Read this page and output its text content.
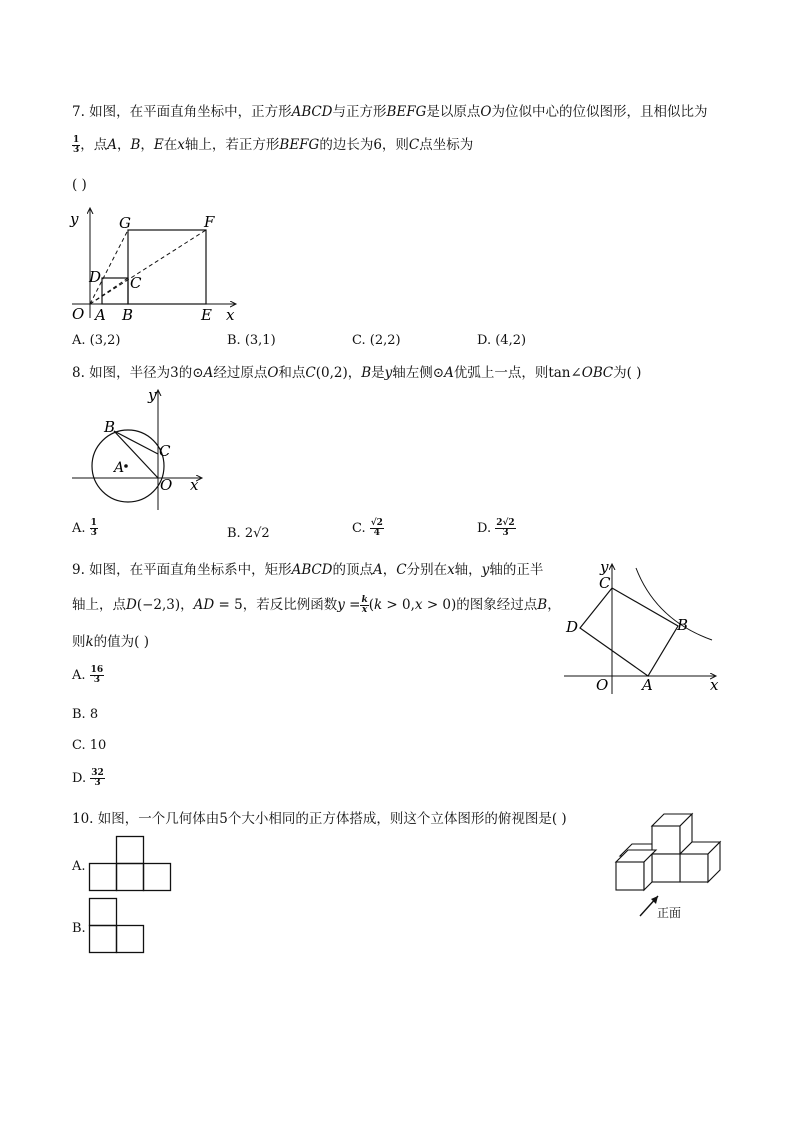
7. 如图，在平面直角坐标中，正方形𝐴𝐵𝐶𝐷与正方形𝐵𝐸𝐹𝐺是以原点𝑂为位似中心的位似图形，且相似比为
$\frac{1}{3}$ ，点𝐴，𝐵，𝐸在𝑥轴上，若正方形𝐵𝐸𝐹𝐺的边长为6，则𝐶点坐标为
( )
y
x
O A B
C
D
E
F
G
A. (3,2)	B. (3,1)	C. (2,2)	D. (4,2)
8. 如图，半径为3的⊙𝐴经过原点𝑂和点𝐶(0,2)，𝐵是𝑦轴左侧⊙𝐴优弧上一点，则tan∠𝑂𝐵𝐶为( )
y
x
O
A
B
C
A. $\frac{1}{3}$	B. 2√2	C. $\frac{√2}{4}$	D. $\frac{2√2}{3}$
9. 如图，在平面直角坐标系中，矩形𝐴𝐵𝐶𝐷的顶点𝐴，𝐶分别在𝑥轴，𝑦轴的正半
轴上，点𝐷(−2,3)，𝐴𝐷 = 5，若反比例函数𝑦 = $\frac{k}{x}$ (𝑘 > 0,𝑥 > 0)的图象经过点𝐵，
则𝑘的值为( )
A. $\frac{16}{3}$
B. 8
C. 10
D. $\frac{32}{3}$
y
x
O A
B
C
D
10. 如图，一个几何体由5个大小相同的正方体搭成，则这个立体图形的俯视图是( )
A.
B.
正面
